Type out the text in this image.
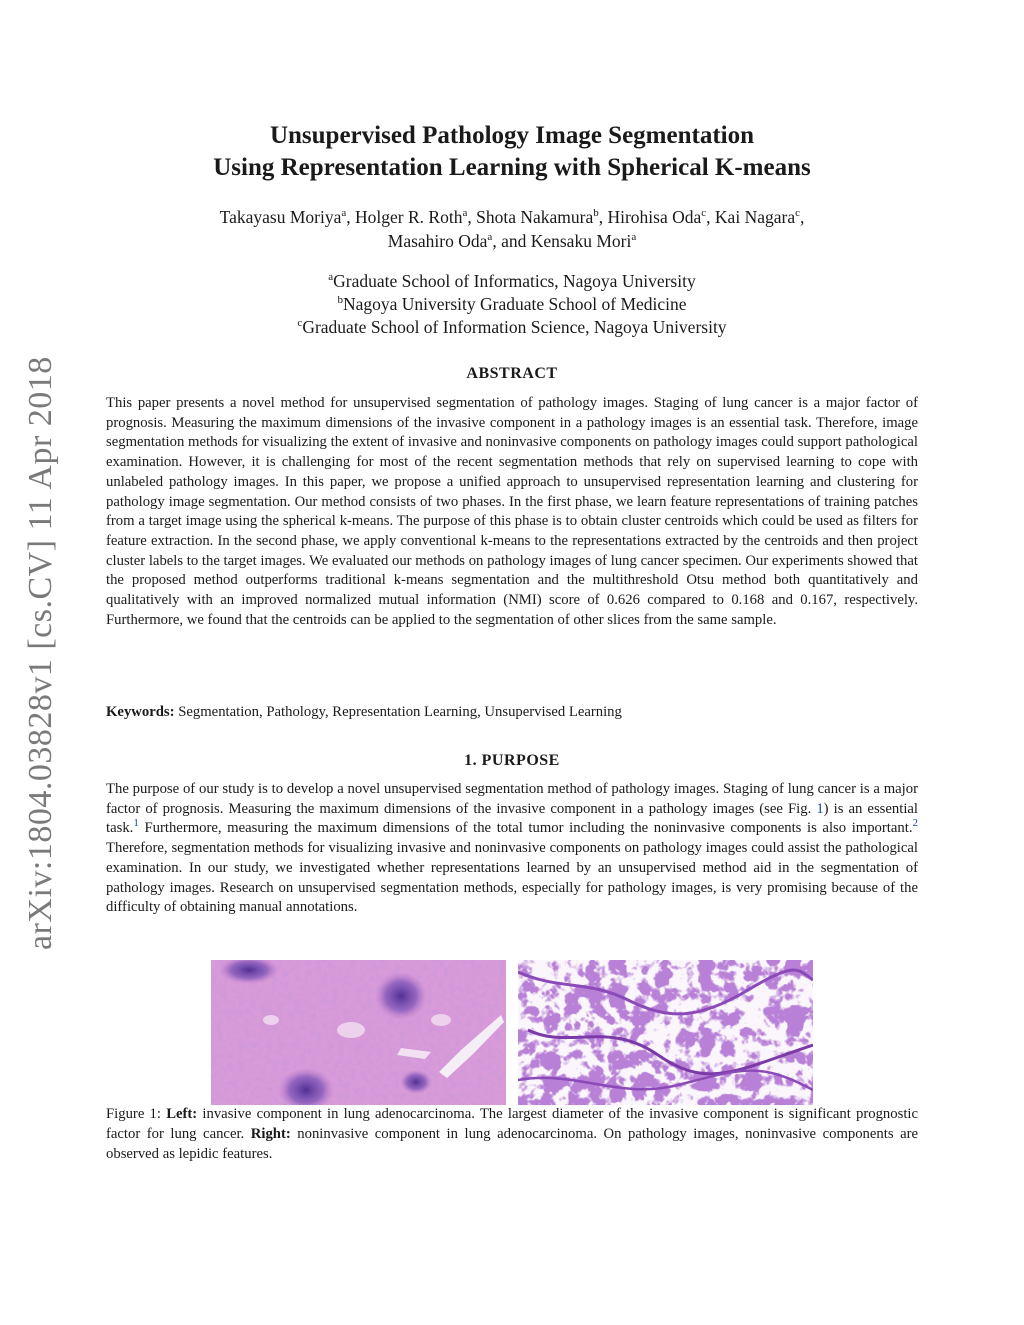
arXiv:1804.03828v1 [cs.CV] 11 Apr 2018
Unsupervised Pathology Image Segmentation
Using Representation Learning with Spherical K-means
Takayasu Moriya$^a$, Holger R. Roth$^a$, Shota Nakamura$^b$, Hirohisa Oda$^c$, Kai Nagara$^c$,
Masahiro Oda$^a$, and Kensaku Mori$^a$
$^a$Graduate School of Informatics, Nagoya University
$^b$Nagoya University Graduate School of Medicine
$^c$Graduate School of Information Science, Nagoya University
ABSTRACT
This paper presents a novel method for unsupervised segmentation of pathology images. Staging of lung cancer is a major factor of prognosis. Measuring the maximum dimensions of the invasive component in a pathology images is an essential task. Therefore, image segmentation methods for visualizing the extent of invasive and noninvasive components on pathology images could support pathological examination. However, it is challenging for most of the recent segmentation methods that rely on supervised learning to cope with unlabeled pathology images. In this paper, we propose a unified approach to unsupervised representation learning and clustering for pathology image segmentation. Our method consists of two phases. In the first phase, we learn feature representations of training patches from a target image using the spherical k-means. The purpose of this phase is to obtain cluster centroids which could be used as filters for feature extraction. In the second phase, we apply conventional k-means to the representations extracted by the centroids and then project cluster labels to the target images. We evaluated our methods on pathology images of lung cancer specimen. Our experiments showed that the proposed method outperforms traditional k-means segmentation and the multithreshold Otsu method both quantitatively and qualitatively with an improved normalized mutual information (NMI) score of 0.626 compared to 0.168 and 0.167, respectively. Furthermore, we found that the centroids can be applied to the segmentation of other slices from the same sample.
Keywords: Segmentation, Pathology, Representation Learning, Unsupervised Learning
1. PURPOSE
The purpose of our study is to develop a novel unsupervised segmentation method of pathology images. Staging of lung cancer is a major factor of prognosis. Measuring the maximum dimensions of the invasive component in a pathology images (see Fig. 1) is an essential task.$^1$ Furthermore, measuring the maximum dimensions of the total tumor including the noninvasive components is also important.$^2$ Therefore, segmentation methods for visualizing invasive and noninvasive components on pathology images could assist the pathological examination. In our study, we investigated whether representations learned by an unsupervised method aid in the segmentation of pathology images. Research on unsupervised segmentation methods, especially for pathology images, is very promising because of the difficulty of obtaining manual annotations.
Figure 1: Left: invasive component in lung adenocarcinoma. The largest diameter of the invasive component is significant prognostic factor for lung cancer. Right: noninvasive component in lung adenocarcinoma. On pathology images, noninvasive components are observed as lepidic features.
